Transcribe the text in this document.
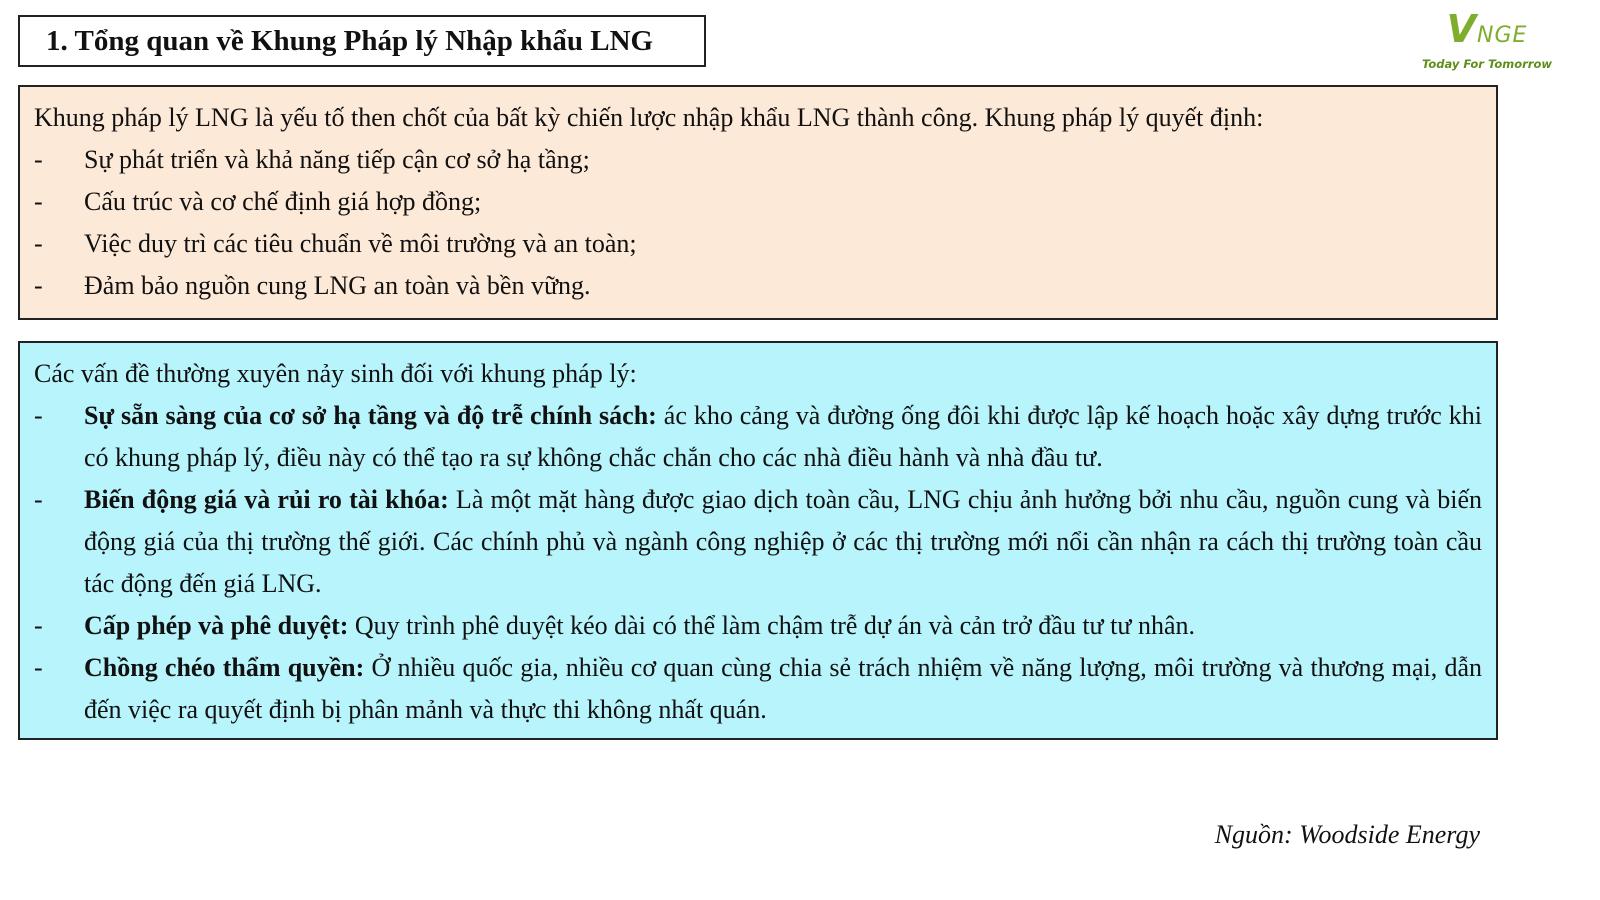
1. Tổng quan về Khung Pháp lý Nhập khẩu LNG	VNGE
Today For Tomorrow

Khung pháp lý LNG là yếu tố then chốt của bất kỳ chiến lược nhập khẩu LNG thành công. Khung pháp lý quyết định:

- Sự phát triển và khả năng tiếp cận cơ sở hạ tầng;
- Cấu trúc và cơ chế định giá hợp đồng;
- Việc duy trì các tiêu chuẩn về môi trường và an toàn;
- Đảm bảo nguồn cung LNG an toàn và bền vững.

Các vấn đề thường xuyên nảy sinh đối với khung pháp lý:

- Sự sẵn sàng của cơ sở hạ tầng và độ trễ chính sách: ác kho cảng và đường ống đôi khi được lập kế hoạch hoặc xây dựng trước khi có khung pháp lý, điều này có thể tạo ra sự không chắc chắn cho các nhà điều hành và nhà đầu tư.
- Biến động giá và rủi ro tài khóa: Là một mặt hàng được giao dịch toàn cầu, LNG chịu ảnh hưởng bởi nhu cầu, nguồn cung và biến động giá của thị trường thế giới. Các chính phủ và ngành công nghiệp ở các thị trường mới nổi cần nhận ra cách thị trường toàn cầu tác động đến giá LNG.
- Cấp phép và phê duyệt: Quy trình phê duyệt kéo dài có thể làm chậm trễ dự án và cản trở đầu tư tư nhân.
- Chồng chéo thẩm quyền: Ở nhiều quốc gia, nhiều cơ quan cùng chia sẻ trách nhiệm về năng lượng, môi trường và thương mại, dẫn đến việc ra quyết định bị phân mảnh và thực thi không nhất quán.
Nguồn: Woodside Energy
